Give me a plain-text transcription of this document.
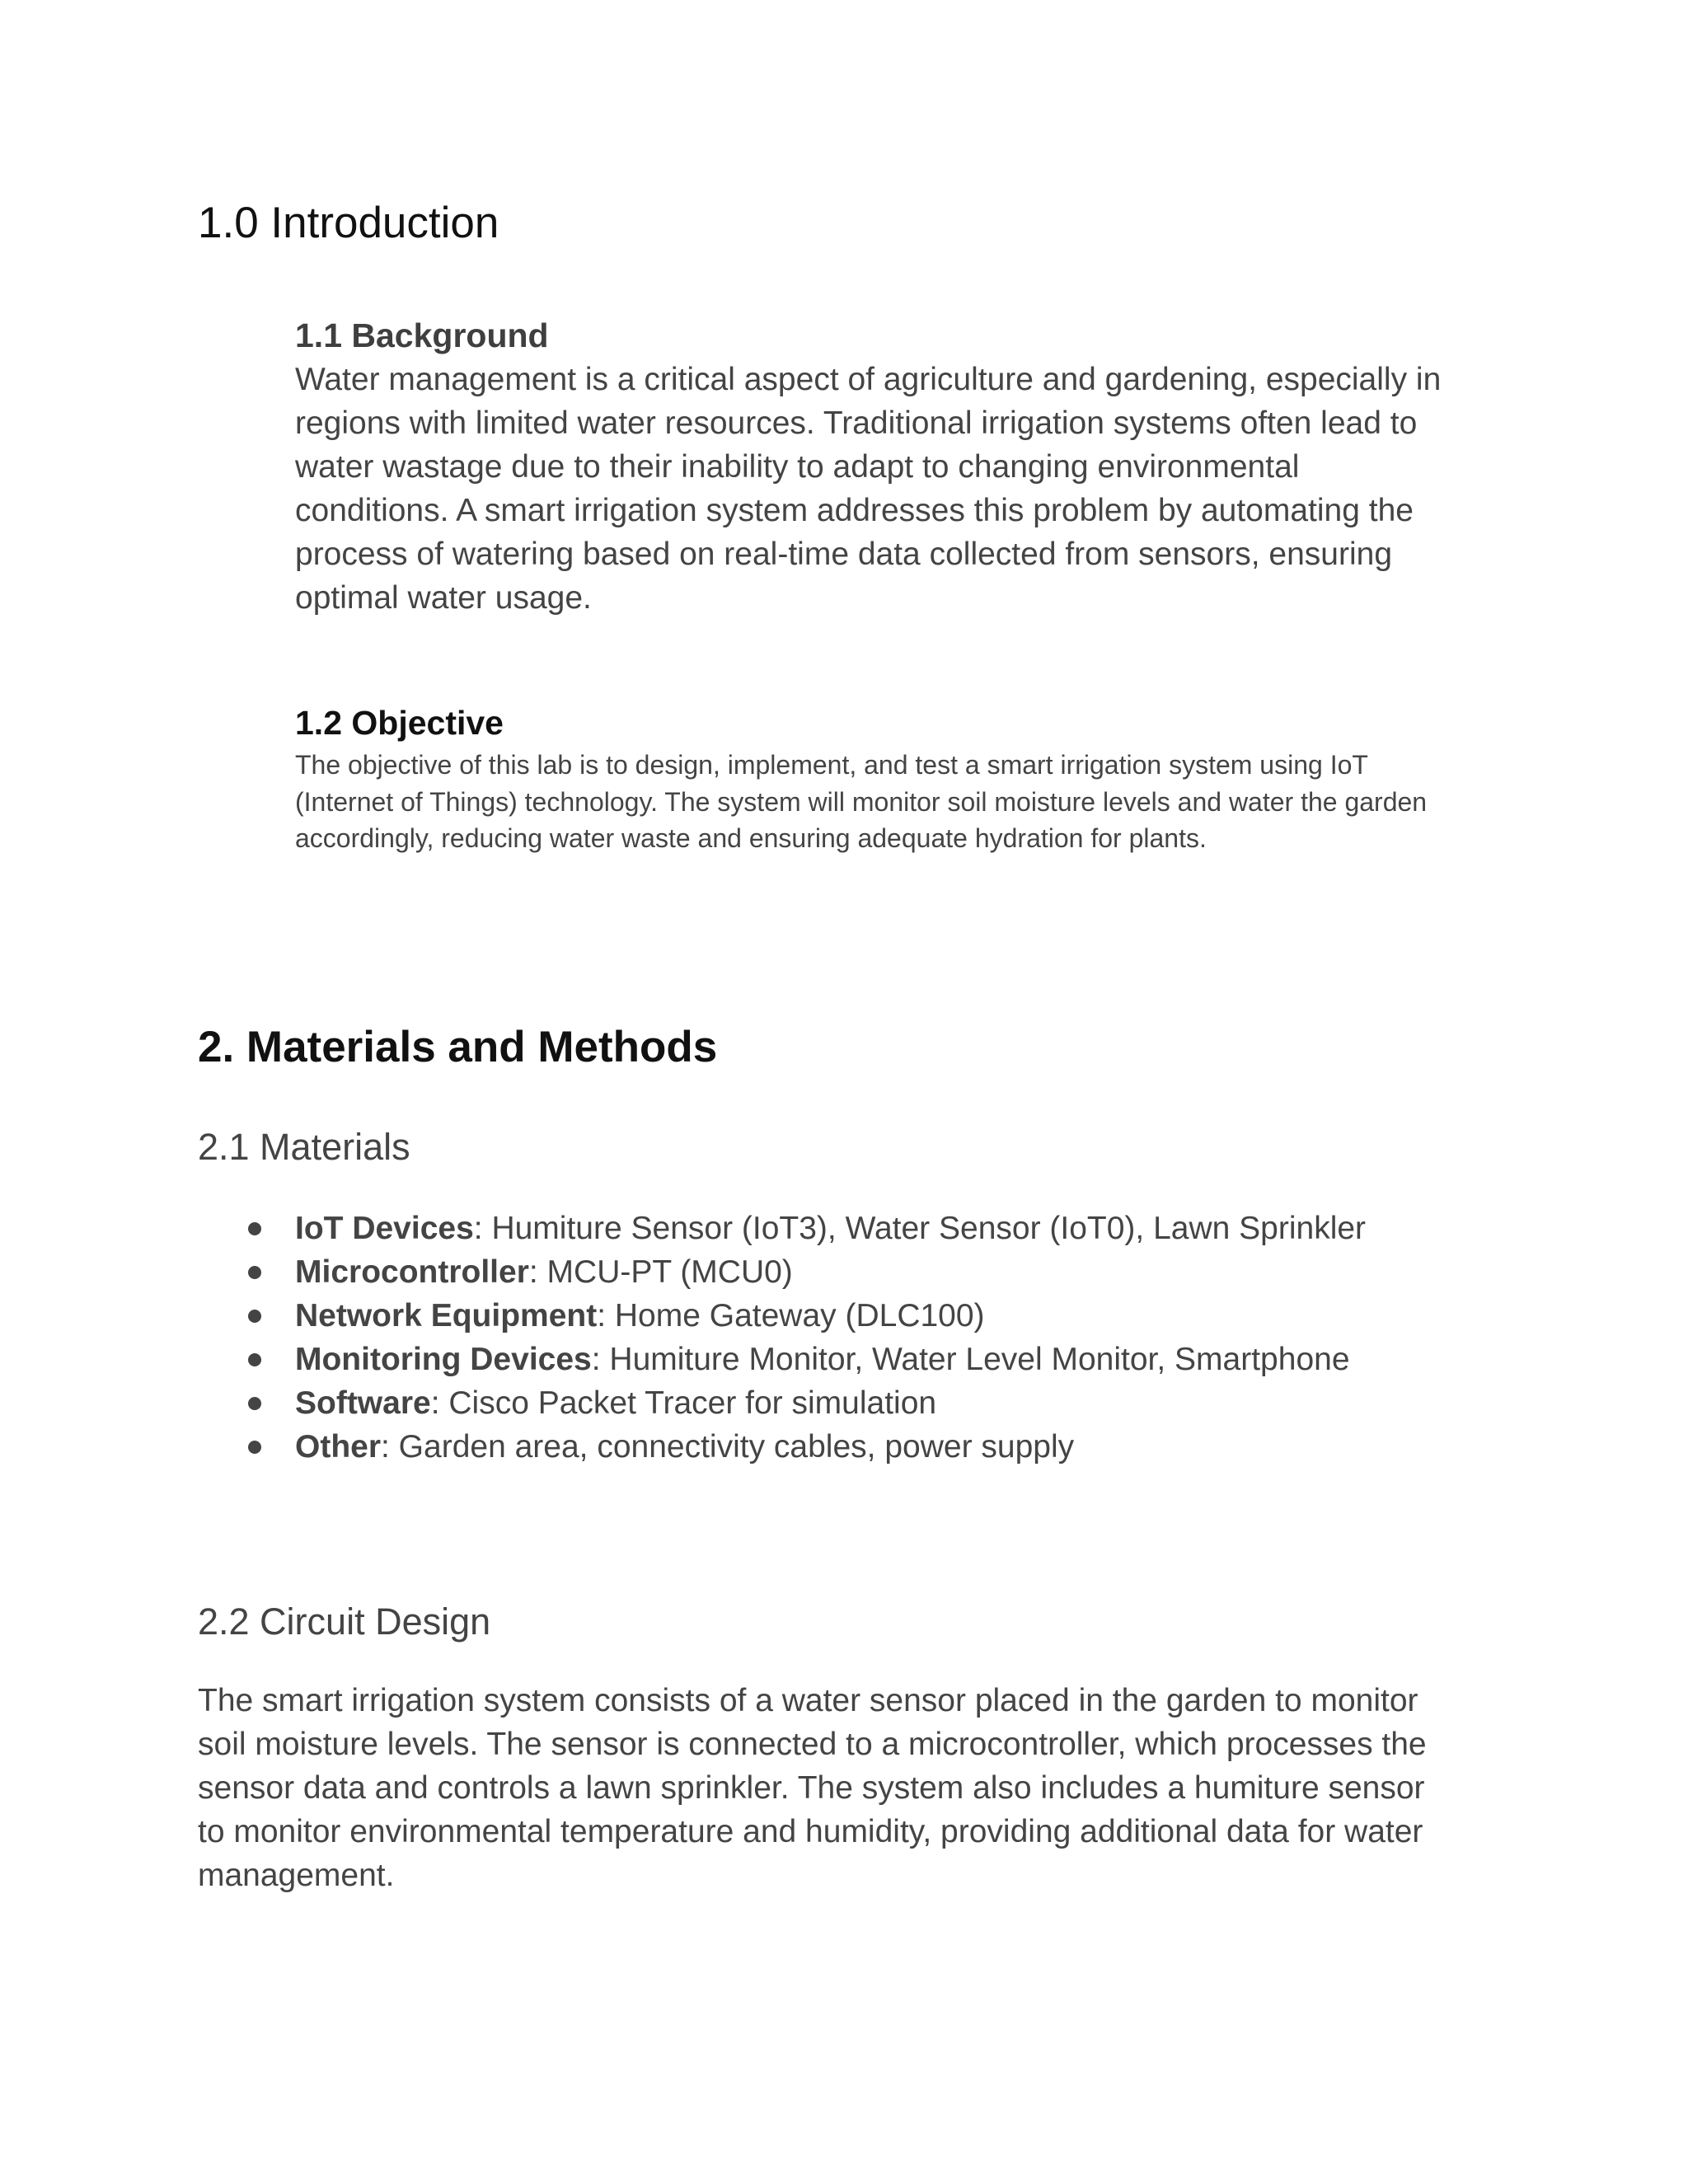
1.0 Introduction
1.1 Background
Water management is a critical aspect of agriculture and gardening, especially in
regions with limited water resources. Traditional irrigation systems often lead to
water wastage due to their inability to adapt to changing environmental
conditions. A smart irrigation system addresses this problem by automating the
process of watering based on real-time data collected from sensors, ensuring
optimal water usage.
1.2 Objective
The objective of this lab is to design, implement, and test a smart irrigation system using IoT
(Internet of Things) technology. The system will monitor soil moisture levels and water the garden
accordingly, reducing water waste and ensuring adequate hydration for plants.
2. Materials and Methods
2.1 Materials
IoT Devices: Humiture Sensor (IoT3), Water Sensor (IoT0), Lawn Sprinkler
Microcontroller: MCU-PT (MCU0)
Network Equipment: Home Gateway (DLC100)
Monitoring Devices: Humiture Monitor, Water Level Monitor, Smartphone
Software: Cisco Packet Tracer for simulation
Other: Garden area, connectivity cables, power supply
2.2 Circuit Design
The smart irrigation system consists of a water sensor placed in the garden to monitor
soil moisture levels. The sensor is connected to a microcontroller, which processes the
sensor data and controls a lawn sprinkler. The system also includes a humiture sensor
to monitor environmental temperature and humidity, providing additional data for water
management.
